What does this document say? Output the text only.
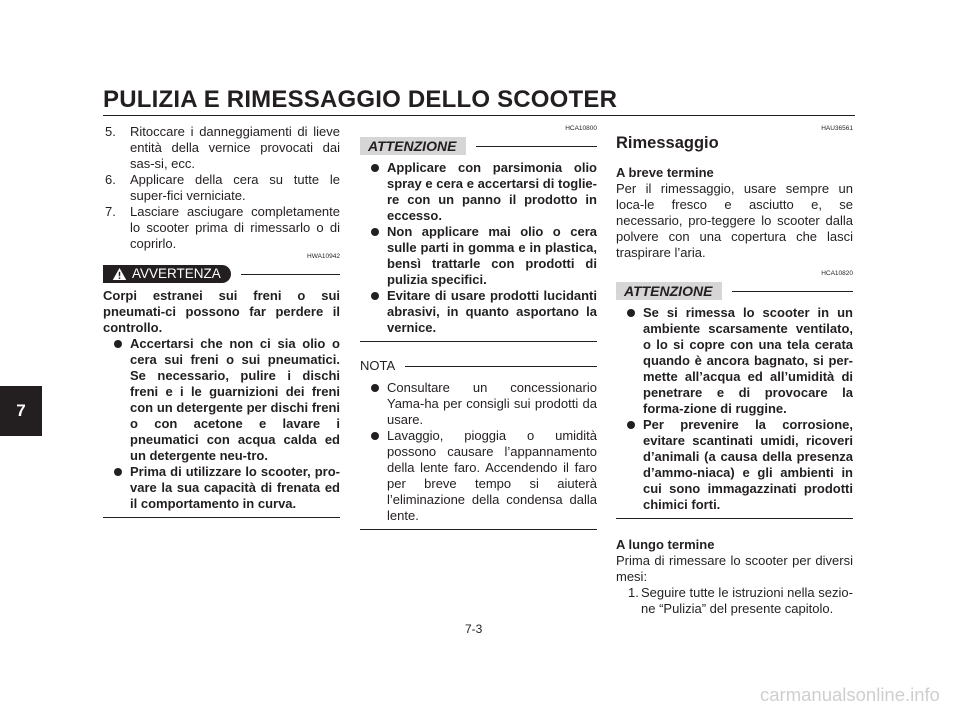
PULIZIA E RIMESSAGGIO DELLO SCOOTER
7

5. Ritoccare i danneggiamenti di lieve entità della vernice provocati dai sas-si, ecc.

6. Applicare della cera su tutte le super-fici verniciate.

7. Lasciare asciugare completamente lo scooter prima di rimessarlo o di coprirlo.

HWA10942
AVVERTENZA
Corpi estranei sui freni o sui pneumati-ci possono far perdere il controllo.
Accertarsi che non ci sia olio o cera sui freni o sui pneumatici. Se necessario, pulire i dischi freni e i le guarnizioni dei freni con un detergente per dischi freni o con acetone e lavare i pneumatici con acqua calda ed un detergente neu-tro.
Prima di utilizzare lo scooter, pro-vare la sua capacità di frenata ed il comportamento in curva.
HCA10800
ATTENZIONE
Applicare con parsimonia olio spray e cera e accertarsi di toglie-re con un panno il prodotto in eccesso.
Non applicare mai olio o cera sulle parti in gomma e in plastica, bensì trattarle con prodotti di pulizia specifici.
Evitare di usare prodotti lucidanti abrasivi, in quanto asportano la vernice.
NOTA
Consultare un concessionario Yama-ha per consigli sui prodotti da usare.
Lavaggio, pioggia o umidità possono causare l’appannamento della lente faro. Accendendo il faro per breve tempo si aiuterà l’eliminazione della condensa dalla lente.
HAU36561
Rimessaggio
A breve termine
Per il rimessaggio, usare sempre un loca-le fresco e asciutto e, se necessario, pro-teggere lo scooter dalla polvere con una copertura che lasci traspirare l’aria.
HCA10820
ATTENZIONE
Se si rimessa lo scooter in un ambiente scarsamente ventilato, o lo si copre con una tela cerata quando è ancora bagnato, si per-mette all’acqua ed all’umidità di penetrare e di provocare la forma-zione di ruggine.
Per prevenire la corrosione, evitare scantinati umidi, ricoveri d’animali (a causa della presenza d’ammo-niaca) e gli ambienti in cui sono immagazzinati prodotti chimici forti.
A lungo termine
Prima di rimessare lo scooter per diversi mesi:

1. Seguire tutte le istruzioni nella sezio-ne “Pulizia” del presente capitolo.

7-3
carmanualsonline.info
